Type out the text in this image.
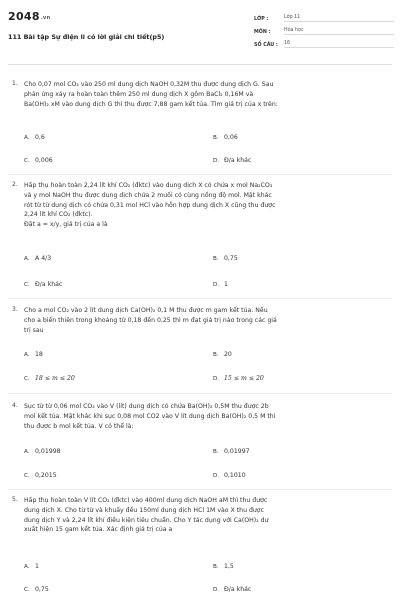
2048.vn
111 Bài tập Sự điện li có lời giải chi tiết(p5)
LỚP :	Lớp 11
MÔN :	Hóa học
SỐ CÂU :	16
1.	Cho 0,07 mol CO₂ vào 250 ml dung dịch NaOH 0,32M thu được dung dịch G. Sau
phản ứng xảy ra hoàn toàn thêm 250 ml dung dịch X gồm BaCl₂ 0,16M và
Ba(OH)₂ xM vào dung dịch G thì thu được 7,88 gam kết tủa. Tìm giá trị của x trên:
A. 0,6	B. 0,06
C. 0,006	D. Đ/a khác
2.	Hấp thụ hoàn toàn 2,24 lít khí CO₂ (đktc) vào dung dịch X có chứa x mol Na₂CO₃
và y mol NaOH thu được dung dịch chứa 2 muối có cùng nồng độ mol. Mặt khác
rót từ từ dung dịch có chứa 0,31 mol HCl vào hỗn hợp dung dịch X cũng thu được
2,24 lít khí CO₂ (đktc).
Đặt a = x/y, giá trị của a là
A. A 4/3	B. 0,75
C. Đ/a khác	D. 1
3.	Cho a mol CO₂ vào 2 lít dung dịch Ca(OH)₂ 0,1 M thu được m gam kết tủa. Nếu
cho a biến thiên trong khoảng từ 0,18 đến 0,25 thì m đạt giá trị nào trong các giá
trị sau
A. 18	B. 20
C. 18 ≤ m ≤ 20	D. 15 ≤ m ≤ 20
4.	Sục từ từ 0,06 mol CO₂ vào V (lít) dung dịch có chứa Ba(OH)₂ 0,5M thu được 2b
mol kết tủa. Mặt khác khi sục 0,08 mol CO2 vào V lít dung dịch Ba(OH)₂ 0,5 M thì
thu được b mol kết tủa. V có thể là:
A. 0,01998	B. 0,01997
C. 0,2015	D. 0,1010
5.	Hấp thụ hoàn toàn V lít CO₂ (đktc) vào 400ml dung dịch NaOH aM thì thu được
dung dịch X. Cho từ từ và khuấy đều 150ml dung dịch HCl 1M vào X thu được
dung dịch Y và 2,24 lít khí điều kiện tiêu chuẩn. Cho Y tác dụng với Ca(OH)₂ dư
xuất hiện 15 gam kết tủa. Xác định giá trị của a
A. 1	B. 1,5
C. 0,75	D. Đ/a khác
